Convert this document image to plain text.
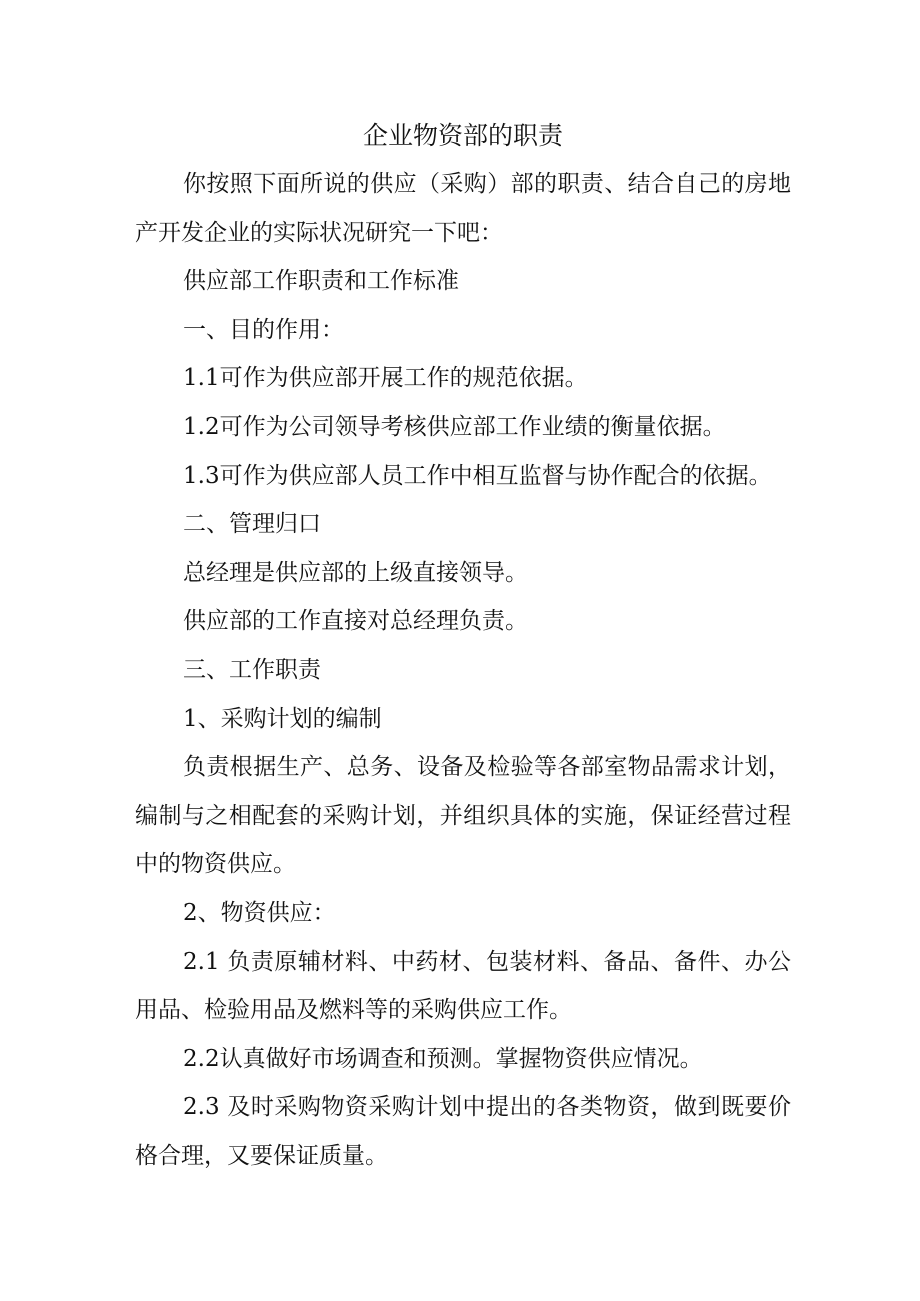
企业物资部的职责

你按照下面所说的供应（采购）部的职责、结合自己的房地产开发企业的实际状况研究一下吧：

供应部工作职责和工作标准

一、目的作用：

1.1可作为供应部开展工作的规范依据。

1.2可作为公司领导考核供应部工作业绩的衡量依据。

1.3可作为供应部人员工作中相互监督与协作配合的依据。

二、管理归口

总经理是供应部的上级直接领导。

供应部的工作直接对总经理负责。

三、工作职责

1、采购计划的编制

负责根据生产、总务、设备及检验等各部室物品需求计划，编制与之相配套的采购计划，并组织具体的实施，保证经营过程中的物资供应。

2、物资供应：

2.1 负责原辅材料、中药材、包装材料、备品、备件、办公用品、检验用品及燃料等的采购供应工作。

2.2认真做好市场调查和预测。掌握物资供应情况。

2.3 及时采购物资采购计划中提出的各类物资，做到既要价格合理，又要保证质量。
